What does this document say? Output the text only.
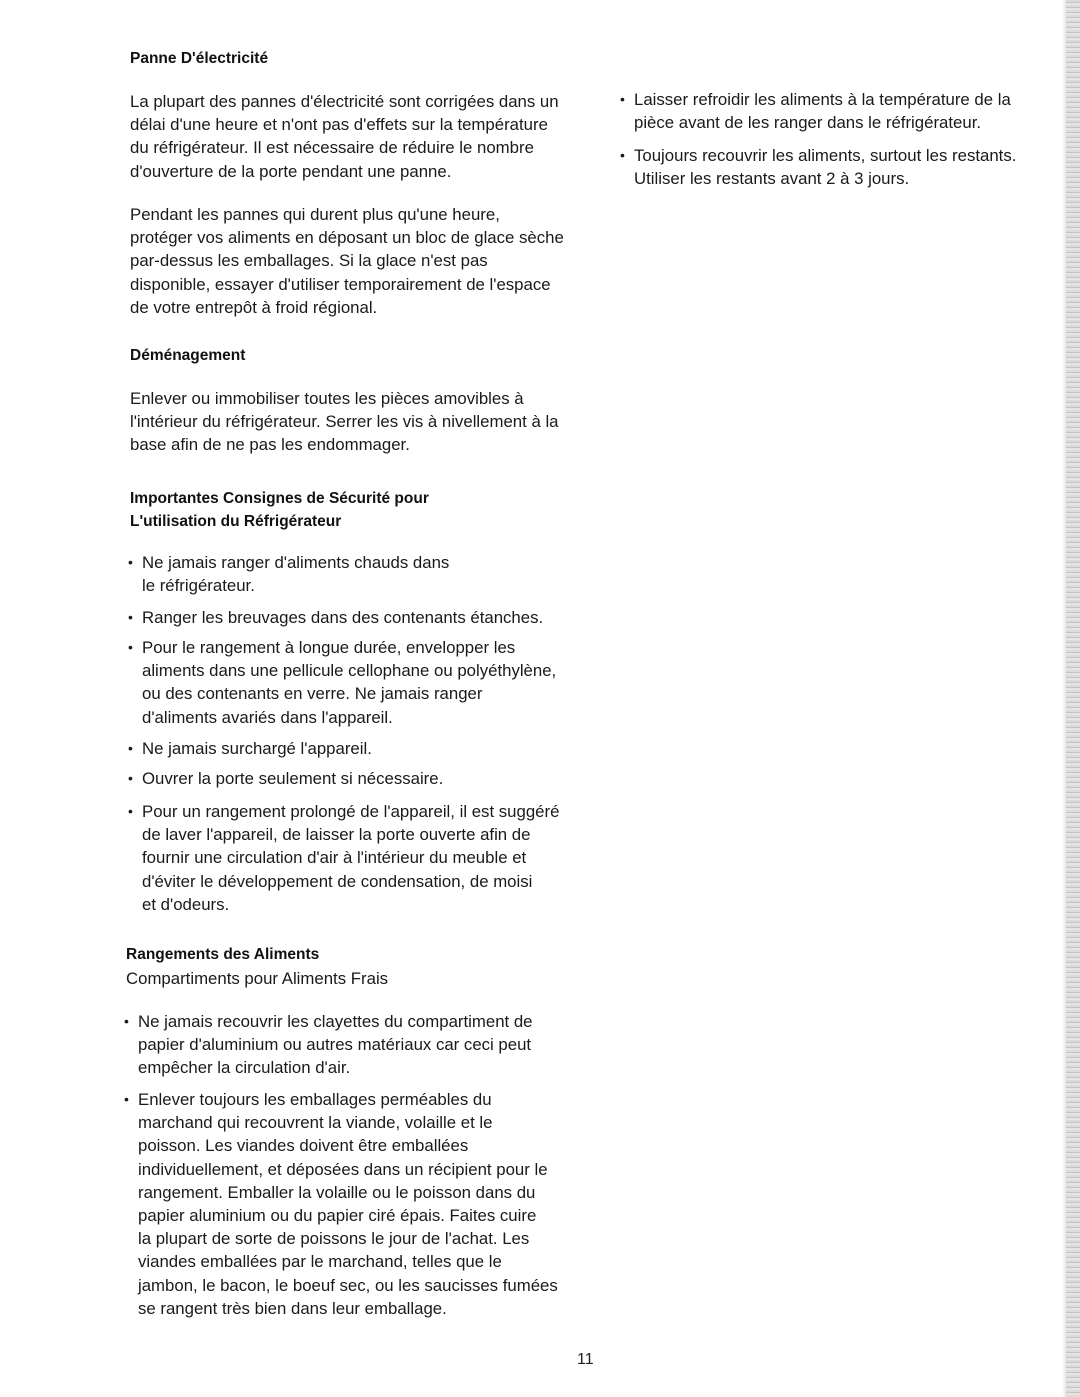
Panne D'électricité
La plupart des pannes d'électricité sont corrigées dans un
délai d'une heure et n'ont pas d'effets sur la température
du réfrigérateur. Il est nécessaire de réduire le nombre
d'ouverture de la porte pendant une panne.
Pendant les pannes qui durent plus qu'une heure,
protéger vos aliments en déposant un bloc de glace sèche
par-dessus les emballages. Si la glace n'est pas
disponible, essayer d'utiliser temporairement de l'espace
de votre entrepôt à froid régional.
Déménagement
Enlever ou immobiliser toutes les pièces amovibles à
l'intérieur du réfrigérateur. Serrer les vis à nivellement à la
base afin de ne pas les endommager.
Importantes Consignes de Sécurité pour
L'utilisation du Réfrigérateur
• Ne jamais ranger d'aliments chauds dans
le réfrigérateur.
• Ranger les breuvages dans des contenants étanches.
• Pour le rangement à longue durée, envelopper les
aliments dans une pellicule cellophane ou polyéthylène,
ou des contenants en verre. Ne jamais ranger
d'aliments avariés dans l'appareil.
• Ne jamais surchargé l'appareil.
• Ouvrer la porte seulement si nécessaire.
• Pour un rangement prolongé de l'appareil, il est suggéré
de laver l'appareil, de laisser la porte ouverte afin de
fournir une circulation d'air à l'intérieur du meuble et
d'éviter le développement de condensation, de moisi
et d'odeurs.
Rangements des Aliments
Compartiments pour Aliments Frais
• Ne jamais recouvrir les clayettes du compartiment de
papier d'aluminium ou autres matériaux car ceci peut
empêcher la circulation d'air.
• Enlever toujours les emballages perméables du
marchand qui recouvrent la viande, volaille et le
poisson. Les viandes doivent être emballées
individuellement, et déposées dans un récipient pour le
rangement. Emballer la volaille ou le poisson dans du
papier aluminium ou du papier ciré épais. Faites cuire
la plupart de sorte de poissons le jour de l'achat. Les
viandes emballées par le marchand, telles que le
jambon, le bacon, le boeuf sec, ou les saucisses fumées
se rangent très bien dans leur emballage.
• Laisser refroidir les aliments à la température de la
pièce avant de les ranger dans le réfrigérateur.
• Toujours recouvrir les aliments, surtout les restants.
Utiliser les restants avant 2 à 3 jours.
11
